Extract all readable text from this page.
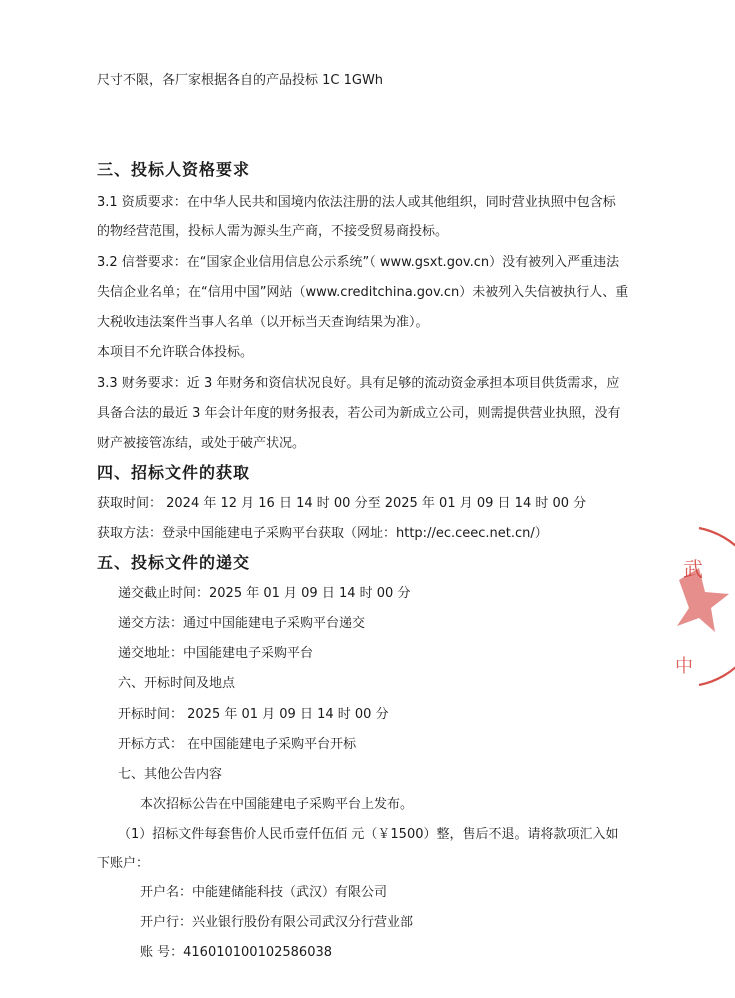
尺寸不限，各厂家根据各自的产品投标 1C 1GWh
三、投标人资格要求
3.1 资质要求：在中华人民共和国境内依法注册的法人或其他组织，同时营业执照中包含标
的物经营范围，投标人需为源头生产商，不接受贸易商投标。
3.2 信誉要求：在“国家企业信用信息公示系统”（ www.gsxt.gov.cn）没有被列入严重违法
失信企业名单；在“信用中国”网站（www.creditchina.gov.cn）未被列入失信被执行人、重
大税收违法案件当事人名单（以开标当天查询结果为准）。
本项目不允许联合体投标。
3.3 财务要求：近 3 年财务和资信状况良好。具有足够的流动资金承担本项目供货需求，应
具备合法的最近 3 年会计年度的财务报表，若公司为新成立公司，则需提供营业执照，没有
财产被接管冻结，或处于破产状况。
四、招标文件的获取
获取时间： 2024 年 12 月 16 日 14 时 00 分至 2025 年 01 月 09 日 14 时 00 分
获取方法：登录中国能建电子采购平台获取（网址：http://ec.ceec.net.cn/）
五、投标文件的递交
递交截止时间：2025 年 01 月 09 日 14 时 00 分
递交方法：通过中国能建电子采购平台递交
递交地址：中国能建电子采购平台
六、开标时间及地点
开标时间： 2025 年 01 月 09 日 14 时 00 分
开标方式： 在中国能建电子采购平台开标
七、其他公告内容
本次招标公告在中国能建电子采购平台上发布。
（1）招标文件每套售价人民币壹仟伍佰 元（￥1500）整，售后不退。请将款项汇入如
下账户：
开户名：中能建储能科技（武汉）有限公司
开户行：兴业银行股份有限公司武汉分行营业部
账 号：416010100102586038
武
中
